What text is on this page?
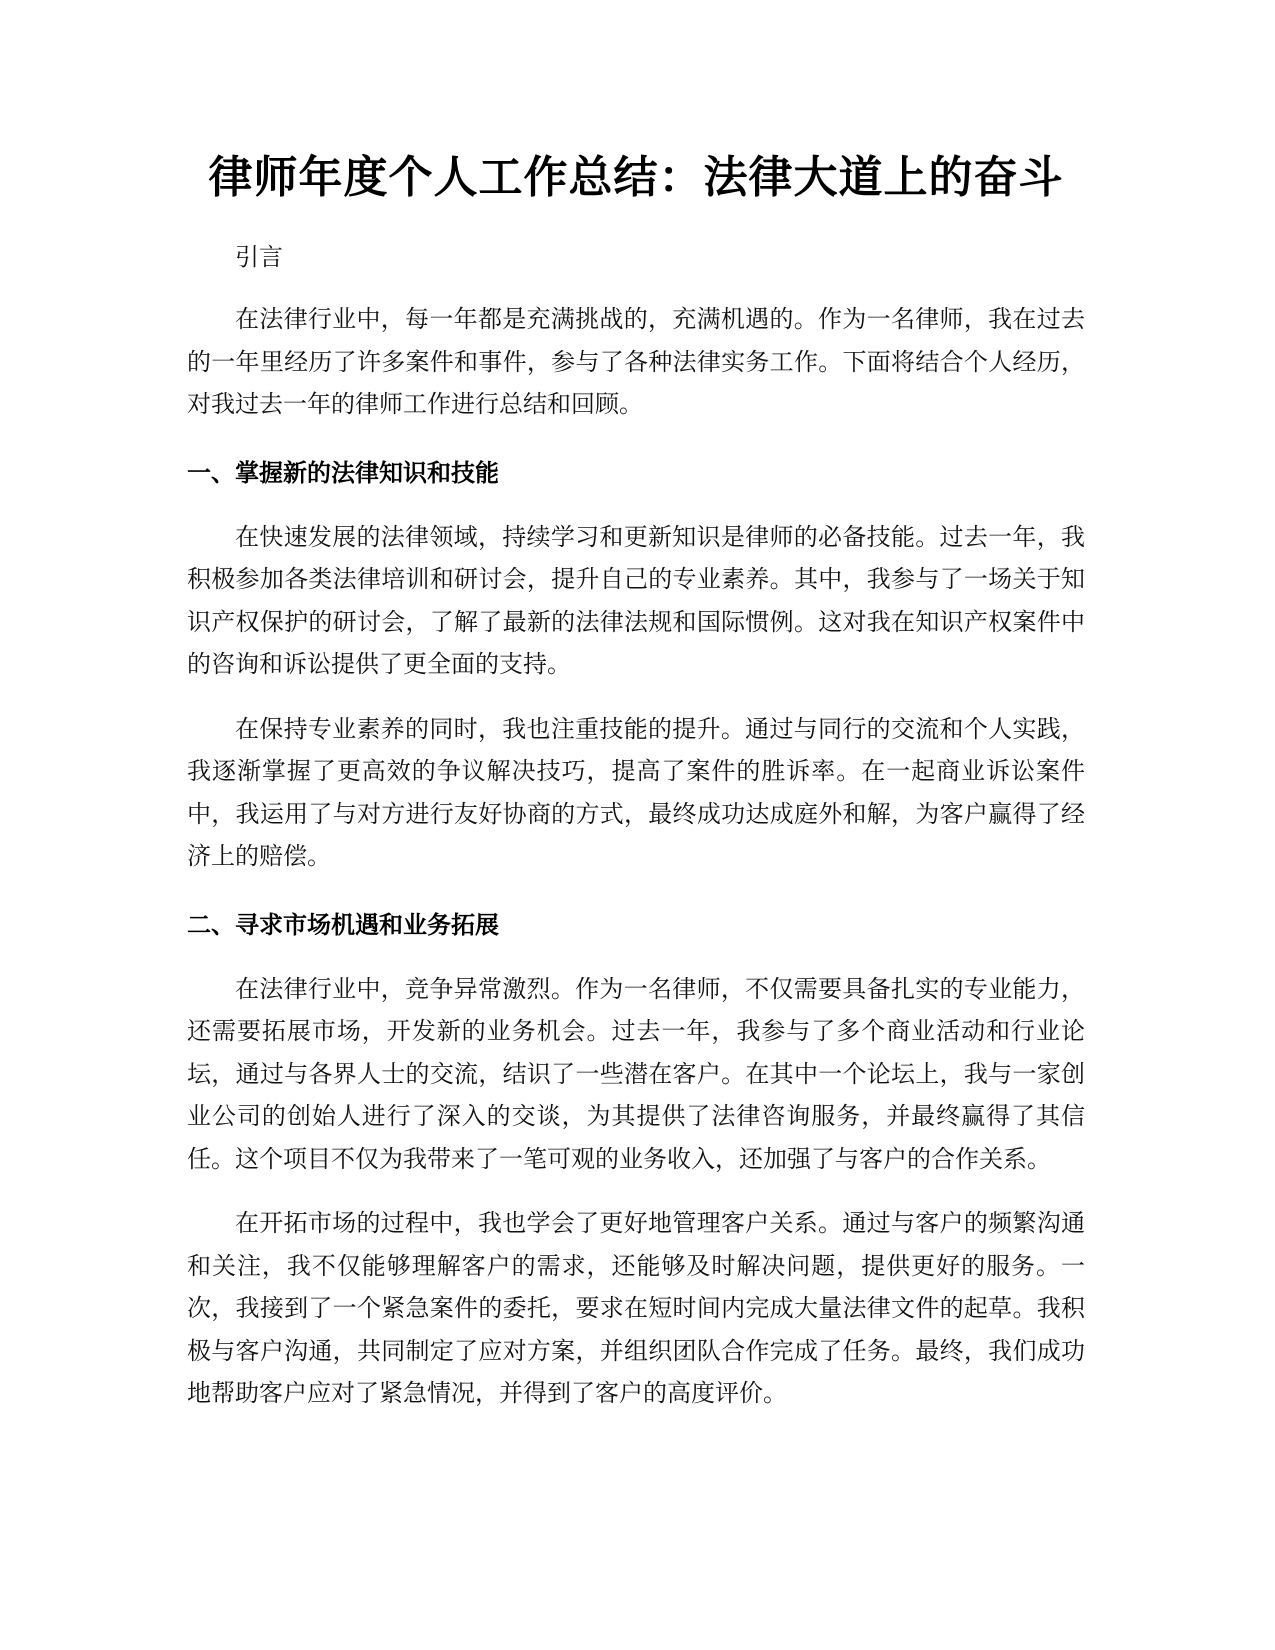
律师年度个人工作总结：法律大道上的奋斗
引言

在法律行业中，每一年都是充满挑战的，充满机遇的。作为一名律师，我在过去的一年里经历了许多案件和事件，参与了各种法律实务工作。下面将结合个人经历，对我过去一年的律师工作进行总结和回顾。

一、掌握新的法律知识和技能

在快速发展的法律领域，持续学习和更新知识是律师的必备技能。过去一年，我积极参加各类法律培训和研讨会，提升自己的专业素养。其中，我参与了一场关于知识产权保护的研讨会，了解了最新的法律法规和国际惯例。这对我在知识产权案件中的咨询和诉讼提供了更全面的支持。

在保持专业素养的同时，我也注重技能的提升。通过与同行的交流和个人实践，我逐渐掌握了更高效的争议解决技巧，提高了案件的胜诉率。在一起商业诉讼案件中，我运用了与对方进行友好协商的方式，最终成功达成庭外和解，为客户赢得了经济上的赔偿。

二、寻求市场机遇和业务拓展

在法律行业中，竞争异常激烈。作为一名律师，不仅需要具备扎实的专业能力，还需要拓展市场，开发新的业务机会。过去一年，我参与了多个商业活动和行业论坛，通过与各界人士的交流，结识了一些潜在客户。在其中一个论坛上，我与一家创业公司的创始人进行了深入的交谈，为其提供了法律咨询服务，并最终赢得了其信任。这个项目不仅为我带来了一笔可观的业务收入，还加强了与客户的合作关系。

在开拓市场的过程中，我也学会了更好地管理客户关系。通过与客户的频繁沟通和关注，我不仅能够理解客户的需求，还能够及时解决问题，提供更好的服务。一次，我接到了一个紧急案件的委托，要求在短时间内完成大量法律文件的起草。我积极与客户沟通，共同制定了应对方案，并组织团队合作完成了任务。最终，我们成功地帮助客户应对了紧急情况，并得到了客户的高度评价。
